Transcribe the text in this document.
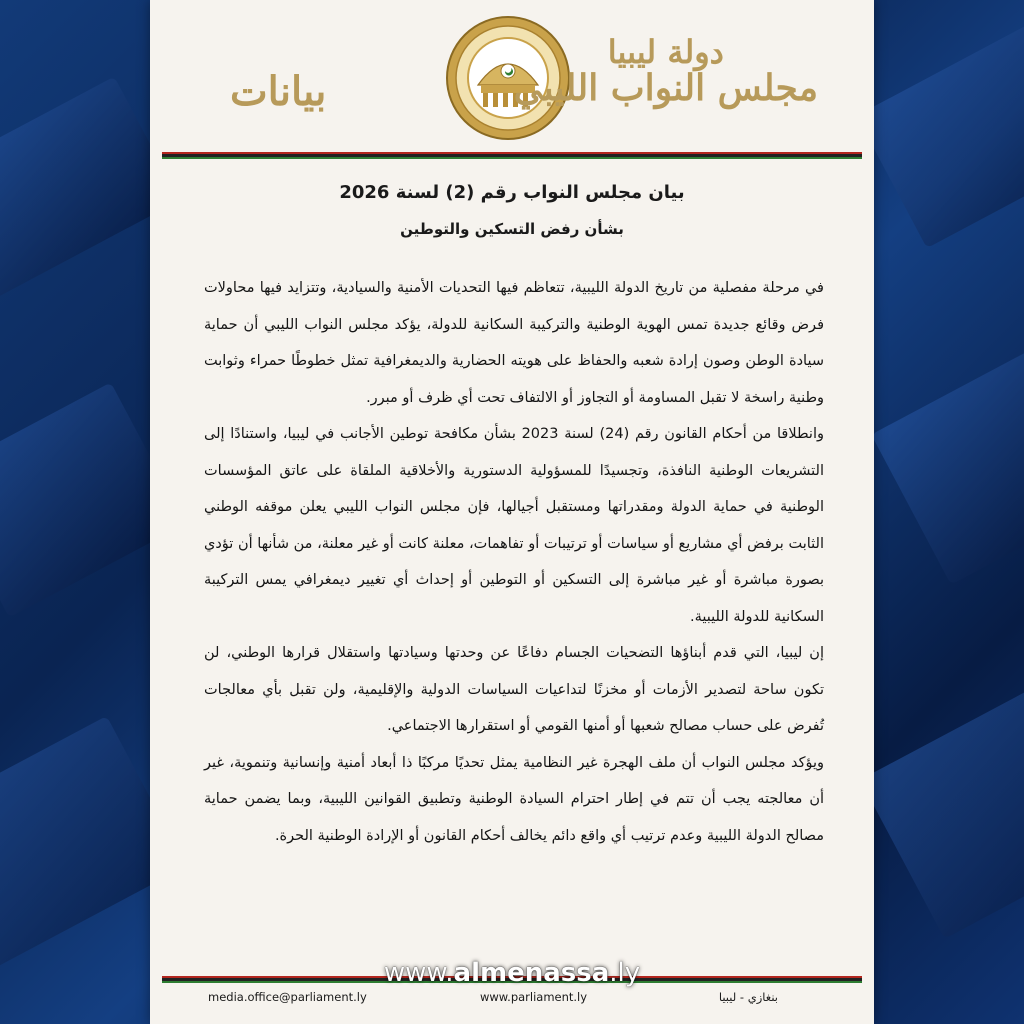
بيانات
دولة ليبيا
مجلس النواب الليبي
بيان مجلس النواب رقم (2) لسنة 2026
بشأن رفض التسكين والتوطين

في مرحلة مفصلية من تاريخ الدولة الليبية، تتعاظم فيها التحديات الأمنية والسيادية، وتتزايد فيها محاولات فرض وقائع جديدة تمس الهوية الوطنية والتركيبة السكانية للدولة، يؤكد مجلس النواب الليبي أن حماية سيادة الوطن وصون إرادة شعبه والحفاظ على هويته الحضارية والديمغرافية تمثل خطوطًا حمراء وثوابت وطنية راسخة لا تقبل المساومة أو التجاوز أو الالتفاف تحت أي ظرف أو مبرر.

وانطلاقا من أحكام القانون رقم (24) لسنة 2023 بشأن مكافحة توطين الأجانب في ليبيا، واستنادًا إلى التشريعات الوطنية النافذة، وتجسيدًا للمسؤولية الدستورية والأخلاقية الملقاة على عاتق المؤسسات الوطنية في حماية الدولة ومقدراتها ومستقبل أجيالها، فإن مجلس النواب الليبي يعلن موقفه الوطني الثابت برفض أي مشاريع أو سياسات أو ترتيبات أو تفاهمات، معلنة كانت أو غير معلنة، من شأنها أن تؤدي بصورة مباشرة أو غير مباشرة إلى التسكين أو التوطين أو إحداث أي تغيير ديمغرافي يمس التركيبة السكانية للدولة الليبية.

إن ليبيا، التي قدم أبناؤها التضحيات الجسام دفاعًا عن وحدتها وسيادتها واستقلال قرارها الوطني، لن تكون ساحة لتصدير الأزمات أو مخزنًا لتداعيات السياسات الدولية والإقليمية، ولن تقبل بأي معالجات تُفرض على حساب مصالح شعبها أو أمنها القومي أو استقرارها الاجتماعي.

ويؤكد مجلس النواب أن ملف الهجرة غير النظامية يمثل تحديًا مركبًا ذا أبعاد أمنية وإنسانية وتنموية، غير أن معالجته يجب أن تتم في إطار احترام السيادة الوطنية وتطبيق القوانين الليبية، وبما يضمن حماية مصالح الدولة الليبية وعدم ترتيب أي واقع دائم يخالف أحكام القانون أو الإرادة الوطنية الحرة.

media.office@parliament.ly	www.parliament.ly	بنغازي - ليبيا
www.almenassa.ly
